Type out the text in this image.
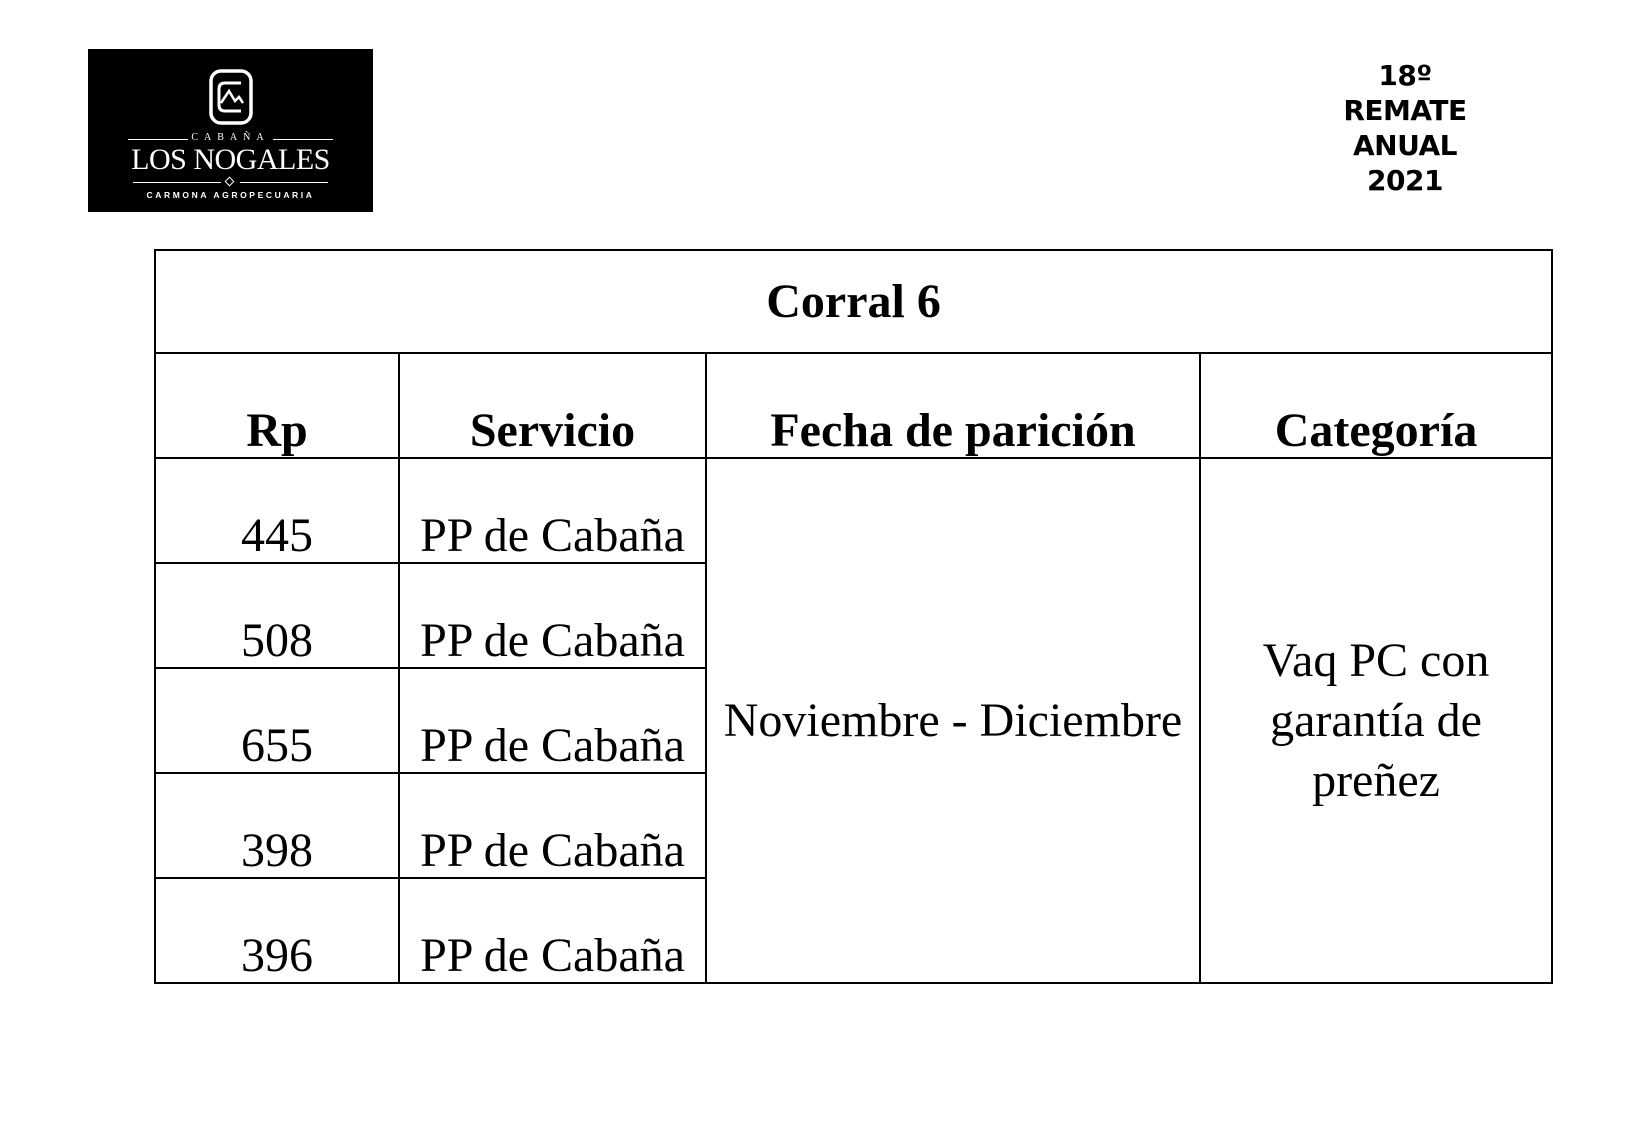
CABAÑA
LOS NOGALES
CARMONA AGROPECUARIA
18º
REMATE
ANUAL
2021
Corral 6			
Rp	Servicio	Fecha de parición	Categoría
445	PP de Cabaña	Noviembre - Diciembre	Vaq PC con garantía de preñez
508	PP de Cabaña		
655	PP de Cabaña		
398	PP de Cabaña		
396	PP de Cabaña		
